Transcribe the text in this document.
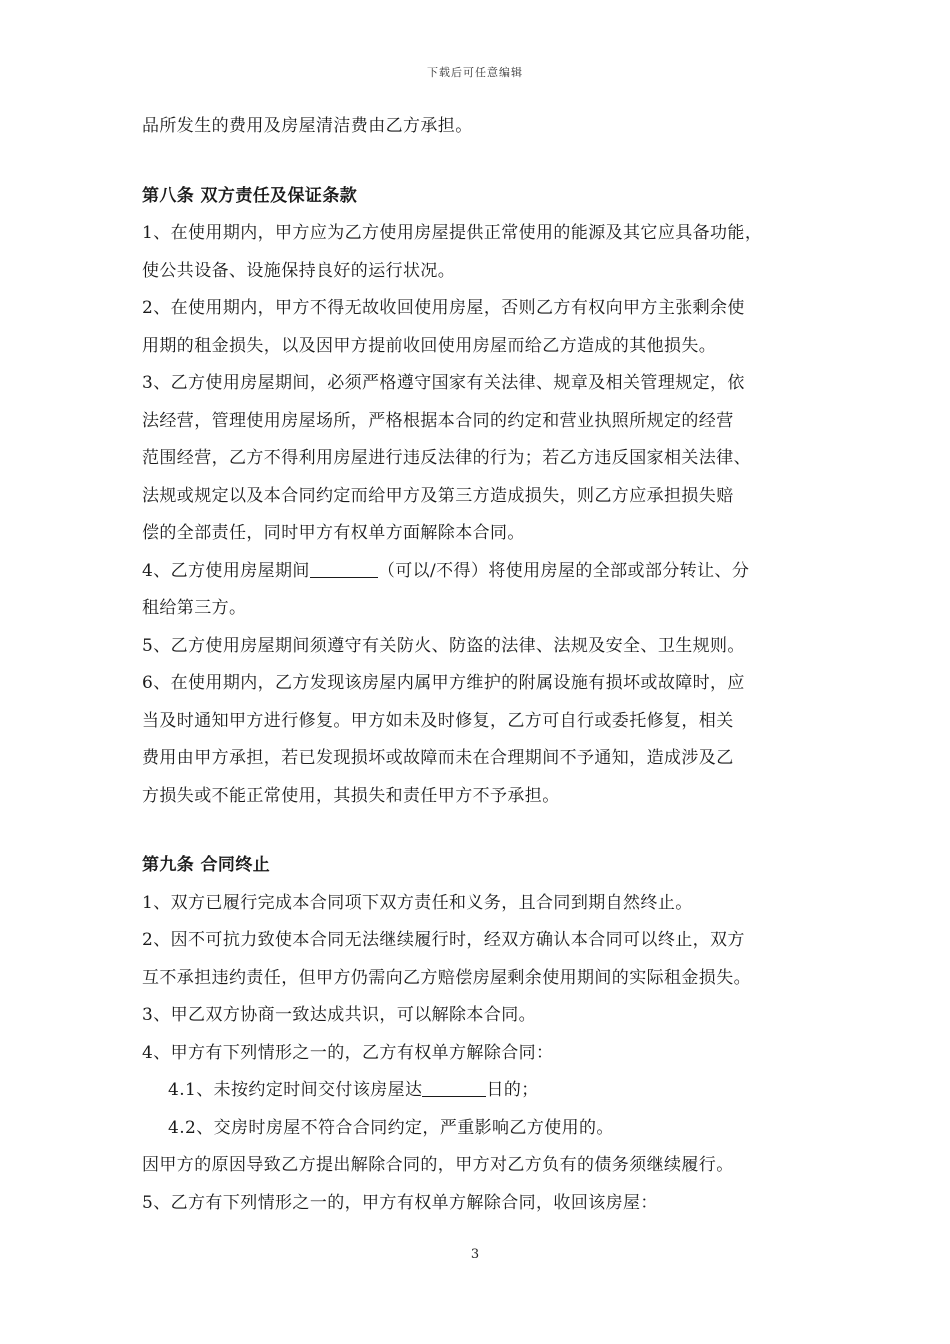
下载后可任意编辑
品所发生的费用及房屋清洁费由乙方承担。
第八条 双方责任及保证条款
1、在使用期内，甲方应为乙方使用房屋提供正常使用的能源及其它应具备功能，
使公共设备、设施保持良好的运行状况。
2、在使用期内，甲方不得无故收回使用房屋，否则乙方有权向甲方主张剩余使
用期的租金损失，以及因甲方提前收回使用房屋而给乙方造成的其他损失。
3、乙方使用房屋期间，必须严格遵守国家有关法律、规章及相关管理规定，依
法经营，管理使用房屋场所，严格根据本合同的约定和营业执照所规定的经营
范围经营，乙方不得利用房屋进行违反法律的行为；若乙方违反国家相关法律、
法规或规定以及本合同约定而给甲方及第三方造成损失，则乙方应承担损失赔
偿的全部责任，同时甲方有权单方面解除本合同。
4、乙方使用房屋期间	（可以/不得）将使用房屋的全部或部分转让、分
租给第三方。
5、乙方使用房屋期间须遵守有关防火、防盗的法律、法规及安全、卫生规则。
6、在使用期内，乙方发现该房屋内属甲方维护的附属设施有损坏或故障时，应
当及时通知甲方进行修复。甲方如未及时修复，乙方可自行或委托修复，相关
费用由甲方承担，若已发现损坏或故障而未在合理期间不予通知，造成涉及乙
方损失或不能正常使用，其损失和责任甲方不予承担。
第九条 合同终止
1、双方已履行完成本合同项下双方责任和义务，且合同到期自然终止。
2、因不可抗力致使本合同无法继续履行时，经双方确认本合同可以终止，双方
互不承担违约责任，但甲方仍需向乙方赔偿房屋剩余使用期间的实际租金损失。
3、甲乙双方协商一致达成共识，可以解除本合同。
4、甲方有下列情形之一的，乙方有权单方解除合同：
4.1、未按约定时间交付该房屋达	日的；
4.2、交房时房屋不符合合同约定，严重影响乙方使用的。
因甲方的原因导致乙方提出解除合同的，甲方对乙方负有的债务须继续履行。
5、乙方有下列情形之一的，甲方有权单方解除合同，收回该房屋：
3
